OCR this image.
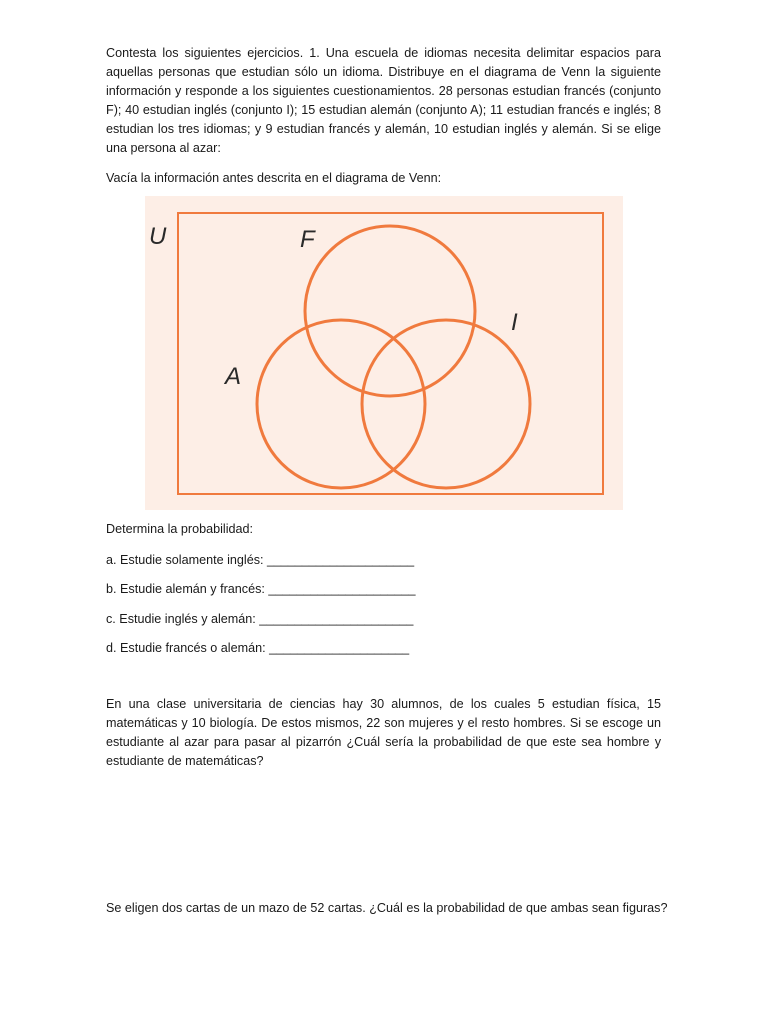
Contesta los siguientes ejercicios. 1. Una escuela de idiomas necesita delimitar espacios para aquellas personas que estudian sólo un idioma. Distribuye en el diagrama de Venn la siguiente información y responde a los siguientes cuestionamientos. 28 personas estudian francés (conjunto F); 40 estudian inglés (conjunto I); 15 estudian alemán (conjunto A); 11 estudian francés e inglés; 8 estudian los tres idiomas; y 9 estudian francés y alemán, 10 estudian inglés y alemán. Si se elige una persona al azar:

Vacía la información antes descrita en el diagrama de Venn:

U	F
I
A

Determina la probabilidad:

a. Estudie solamente inglés: _____________________

b. Estudie alemán y francés: _____________________

c. Estudie inglés y alemán: ______________________

d. Estudie francés o alemán: ____________________

En una clase universitaria de ciencias hay 30 alumnos, de los cuales 5 estudian física, 15 matemáticas y 10 biología. De estos mismos, 22 son mujeres y el resto hombres. Si se escoge un estudiante al azar para pasar al pizarrón ¿Cuál sería la probabilidad de que este sea hombre y estudiante de matemáticas?

Se eligen dos cartas de un mazo de 52 cartas. ¿Cuál es la probabilidad de que ambas sean figuras?
